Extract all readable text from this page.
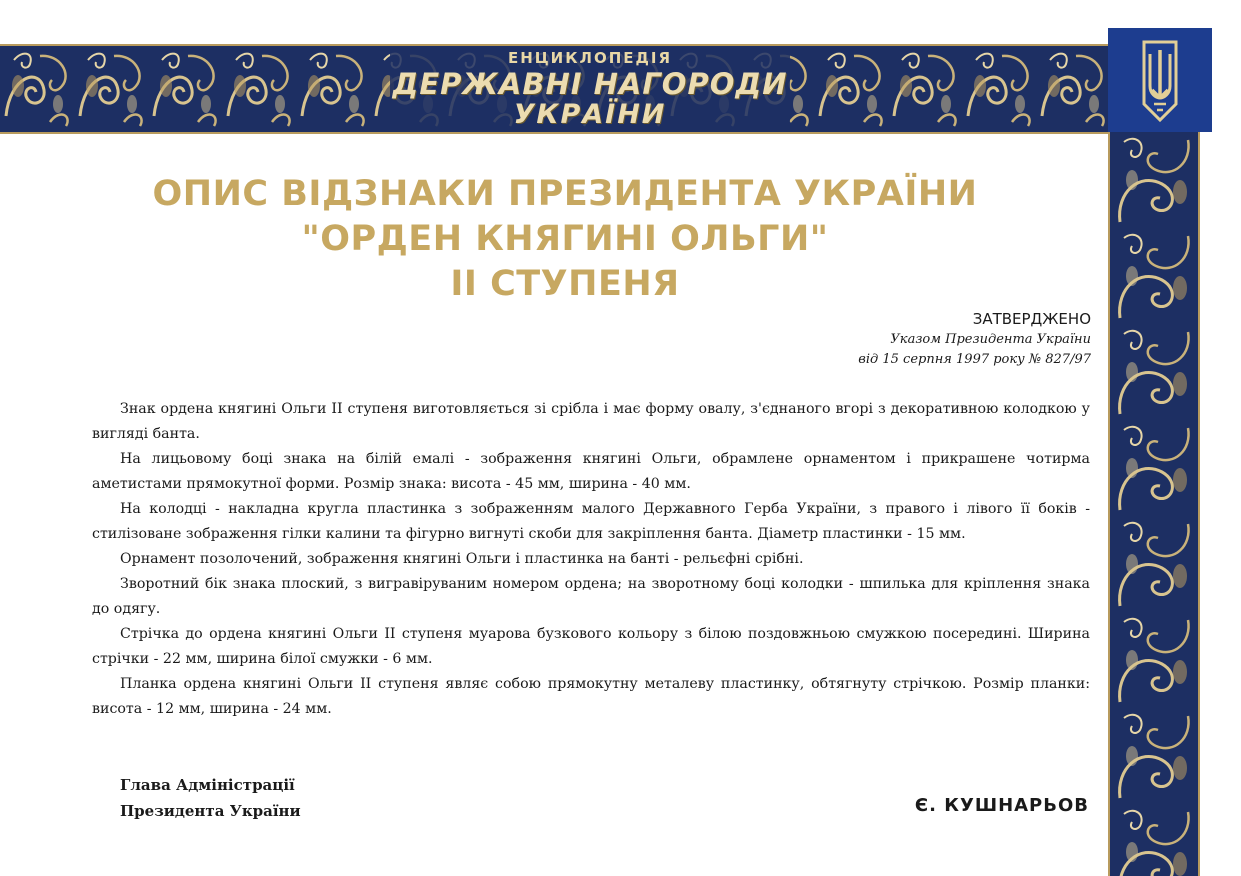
ЕНЦИКЛОПЕДІЯ
ДЕРЖАВНІ НАГОРОДИ
УКРАЇНИ
ОПИС ВІДЗНАКИ ПРЕЗИДЕНТА УКРАЇНИ
"ОРДЕН КНЯГИНІ ОЛЬГИ"
ІІ СТУПЕНЯ
ЗАТВЕРДЖЕНО
Указом Президента України
від 15 серпня 1997 року № 827/97

Знак ордена княгині Ольги ІІ ступеня виготовляється зі срібла і має форму овалу, з'єднаного вгорі з декоративною колодкою у вигляді банта.

На лицьовому боці знака на білій емалі - зображення княгині Ольги, обрамлене орнаментом і прикрашене чотирма аметистами прямокутної форми. Розмір знака: висота - 45 мм, ширина - 40 мм.

На колодці - накладна кругла пластинка з зображенням малого Державного Герба України, з правого і лівого її боків - стилізоване зображення гілки калини та фігурно вигнуті скоби для закріплення банта. Діаметр пластинки - 15 мм.

Орнамент позолочений, зображення княгині Ольги і пластинка на банті - рельєфні срібні.

Зворотний бік знака плоский, з вигравіруваним номером ордена; на зворотному боці колодки - шпилька для кріплення знака до одягу.

Стрічка до ордена княгині Ольги ІІ ступеня муарова бузкового кольору з білою поздовжньою смужкою посередині. Ширина стрічки - 22 мм, ширина білої смужки - 6 мм.

Планка ордена княгині Ольги ІІ ступеня являє собою прямокутну металеву пластинку, обтягнуту стрічкою. Розмір планки: висота - 12 мм, ширина - 24 мм.

Глава Адміністрації
Президента України	Є. КУШНАРЬОВ
